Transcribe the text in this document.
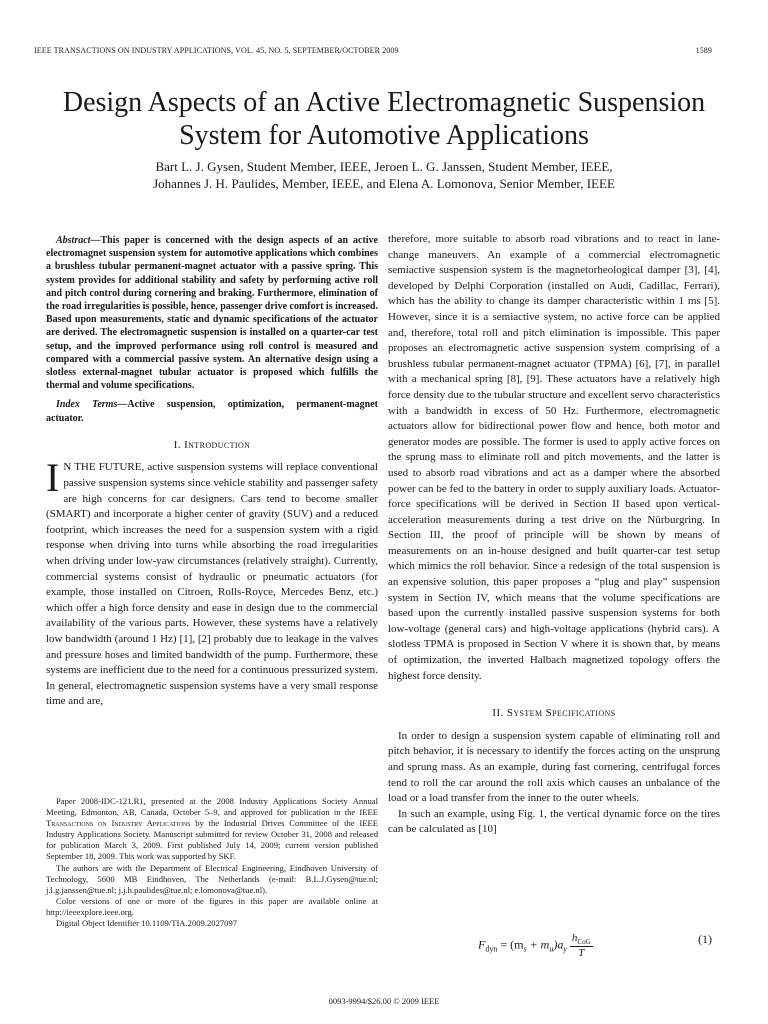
IEEE TRANSACTIONS ON INDUSTRY APPLICATIONS, VOL. 45, NO. 5, SEPTEMBER/OCTOBER 2009	1589
Design Aspects of an Active Electromagnetic Suspension System for Automotive Applications
Bart L. J. Gysen, Student Member, IEEE, Jeroen L. G. Janssen, Student Member, IEEE,
Johannes J. H. Paulides, Member, IEEE, and Elena A. Lomonova, Senior Member, IEEE

Abstract—This paper is concerned with the design aspects of an active electromagnet suspension system for automotive applications which combines a brushless tubular permanent-magnet actuator with a passive spring. This system provides for additional stability and safety by performing active roll and pitch control during cornering and braking. Furthermore, elimination of the road irregularities is possible, hence, passenger drive comfort is increased. Based upon measurements, static and dynamic specifications of the actuator are derived. The electromagnetic suspension is installed on a quarter-car test setup, and the improved performance using roll control is measured and compared with a commercial passive system. An alternative design using a slotless external-magnet tubular actuator is proposed which fulfills the thermal and volume specifications.

Index Terms—Active suspension, optimization, permanent-magnet actuator.

I. Introduction

I N THE FUTURE, active suspension systems will replace conventional passive suspension systems since vehicle stability and passenger safety are high concerns for car designers. Cars tend to become smaller (SMART) and incorporate a higher center of gravity (SUV) and a reduced footprint, which increases the need for a suspension system with a rigid response when driving into turns while absorbing the road irregularities when driving under low-yaw circumstances (relatively straight). Currently, commercial systems consist of hydraulic or pneumatic actuators (for example, those installed on Citroen, Rolls-Royce, Mercedes Benz, etc.) which offer a high force density and ease in design due to the commercial availability of the various parts. However, these systems have a relatively low bandwidth (around 1 Hz) [1], [2] probably due to leakage in the valves and pressure hoses and limited bandwidth of the pump. Furthermore, these systems are inefficient due to the need for a continuous pressurized system. In general, electromagnetic suspension systems have a very small response time and are,

Paper 2008-IDC-121.R1, presented at the 2008 Industry Applications Society Annual Meeting, Edmonton, AB, Canada, October 5–9, and approved for publication in the IEEE Transactions on Industry Applications by the Industrial Drives Committee of the IEEE Industry Applications Society. Manuscript submitted for review October 31, 2008 and released for publication March 3, 2009. First published July 14, 2009; current version published September 18, 2009. This work was supported by SKF.

The authors are with the Department of Electrical Engineering, Eindhoven University of Technology, 5600 MB Eindhoven, The Netherlands (e-mail: B.L.J.Gysen@tue.nl; j.l.g.janssen@tue.nl; j.j.h.paulides@tue.nl; e.lomonova@tue.nl).

Color versions of one or more of the figures in this paper are available online at http://ieeexplore.ieee.org.

Digital Object Identifier 10.1109/TIA.2009.2027097

therefore, more suitable to absorb road vibrations and to react in lane-change maneuvers. An example of a commercial electromagnetic semiactive suspension system is the magnetorheological damper [3], [4], developed by Delphi Corporation (installed on Audi, Cadillac, Ferrari), which has the ability to change its damper characteristic within 1 ms [5]. However, since it is a semiactive system, no active force can be applied and, therefore, total roll and pitch elimination is impossible. This paper proposes an electromagnetic active suspension system comprising of a brushless tubular permanent-magnet actuator (TPMA) [6], [7], in parallel with a mechanical spring [8], [9]. These actuators have a relatively high force density due to the tubular structure and excellent servo characteristics with a bandwidth in excess of 50 Hz. Furthermore, electromagnetic actuators allow for bidirectional power flow and hence, both motor and generator modes are possible. The former is used to apply active forces on the sprung mass to eliminate roll and pitch movements, and the latter is used to absorb road vibrations and act as a damper where the absorbed power can be fed to the battery in order to supply auxiliary loads. Actuator-force specifications will be derived in Section II based upon vertical-acceleration measurements during a test drive on the Nürburgring. In Section III, the proof of principle will be shown by means of measurements on an in-house designed and built quarter-car test setup which mimics the roll behavior. Since a redesign of the total suspension is an expensive solution, this paper proposes a “plug and play” suspension system in Section IV, which means that the volume specifications are based upon the currently installed passive suspension systems for both low-voltage (general cars) and high-voltage applications (hybrid cars). A slotless TPMA is proposed in Section V where it is shown that, by means of optimization, the inverted Halbach magnetized topology offers the highest force density.

II. System Specifications

In order to design a suspension system capable of eliminating roll and pitch behavior, it is necessary to identify the forces acting on the unsprung and sprung mass. As an example, during fast cornering, centrifugal forces tend to roll the car around the roll axis which causes an unbalance of the load or a load transfer from the inner to the outer wheels.

In such an example, using Fig. 1, the vertical dynamic force on the tires can be calculated as [10]

$F_{dyn} = (m_s + m_u)a_y \frac{h_{CoG}}{T}$	(1)
0093-9994/$26.00 © 2009 IEEE
